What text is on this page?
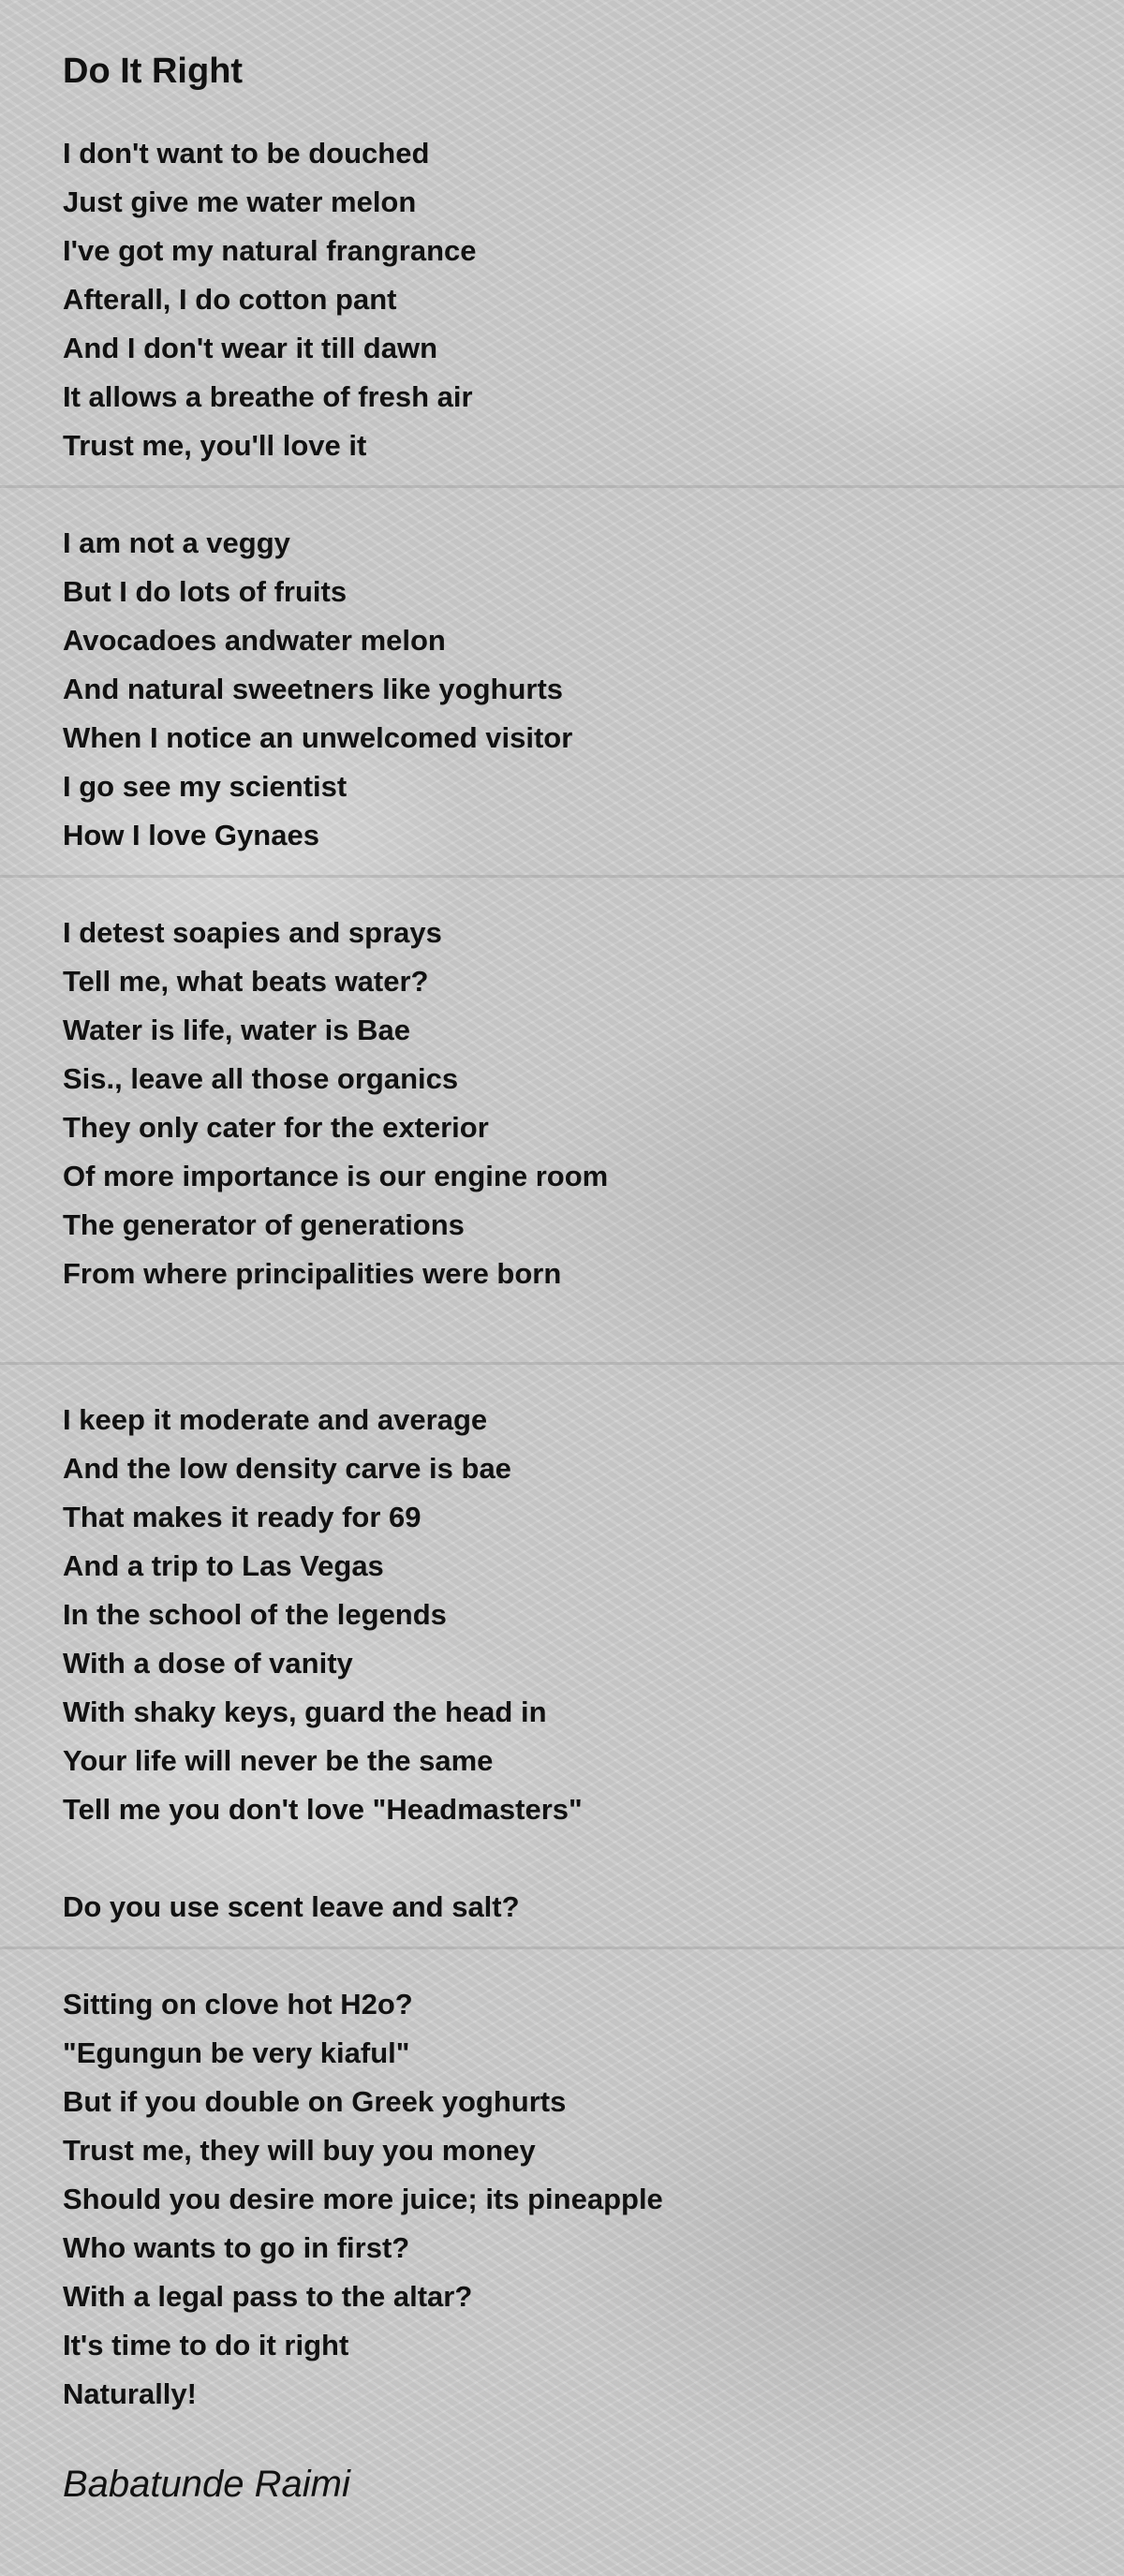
Do It Right
I don't want to be douched
Just give me water melon
I've got my natural frangrance
Afterall, I do cotton pant
And I don't wear it till dawn
It allows a breathe of fresh air
Trust me, you'll love it
I am not a veggy
But I do lots of fruits
Avocadoes andwater melon
And natural sweetners like yoghurts
When I notice an unwelcomed visitor
I go see my scientist
How I love Gynaes
I detest soapies and sprays
Tell me, what beats water?
Water is life, water is Bae
Sis., leave all those organics
They only cater for the exterior
Of more importance is our engine room
The generator of generations
From where principalities were born
I keep it moderate and average
And the low density carve is bae
That makes it ready for 69
And a trip to Las Vegas
In the school of the legends
With a dose of vanity
With shaky keys, guard the head in
Your life will never be the same
Tell me you don't love "Headmasters"
Do you use scent leave and salt?
Sitting on clove hot H2o?
"Egungun be very kiaful"
But if you double on Greek yoghurts
Trust me, they will buy you money
Should you desire more juice; its pineapple
Who wants to go in first?
With a legal pass to the altar?
It's time to do it right
Naturally!
Babatunde Raimi
